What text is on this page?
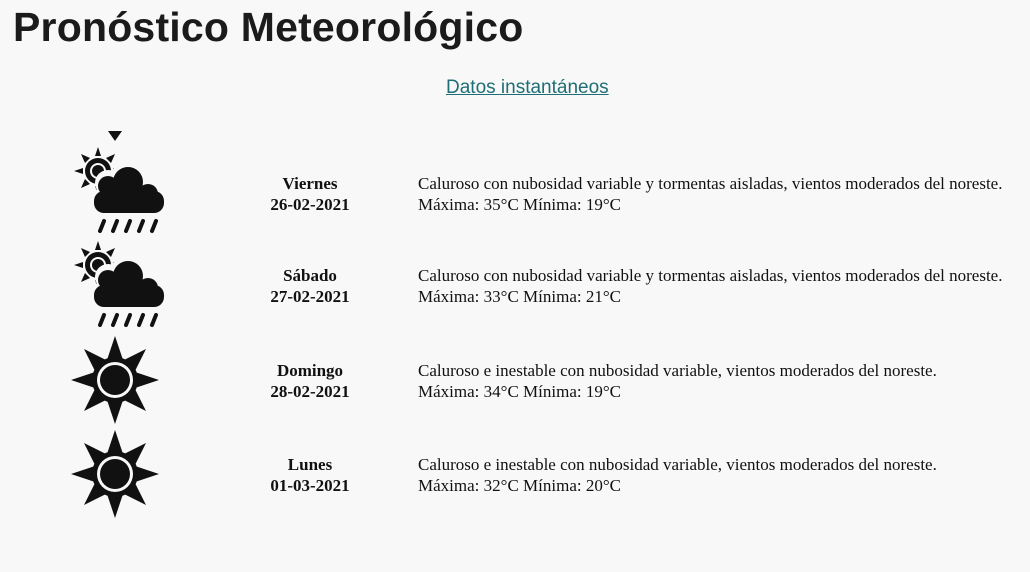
Pronóstico Meteorológico
Datos instantáneos
Viernes
26-02-2021
Caluroso con nubosidad variable y tormentas aisladas, vientos moderados del noreste.
Máxima: 35°C Mínima: 19°C
Sábado
27-02-2021
Caluroso con nubosidad variable y tormentas aisladas, vientos moderados del noreste.
Máxima: 33°C Mínima: 21°C
Domingo
28-02-2021
Caluroso e inestable con nubosidad variable, vientos moderados del noreste.
Máxima: 34°C Mínima: 19°C
Lunes
01-03-2021
Caluroso e inestable con nubosidad variable, vientos moderados del noreste.
Máxima: 32°C Mínima: 20°C
